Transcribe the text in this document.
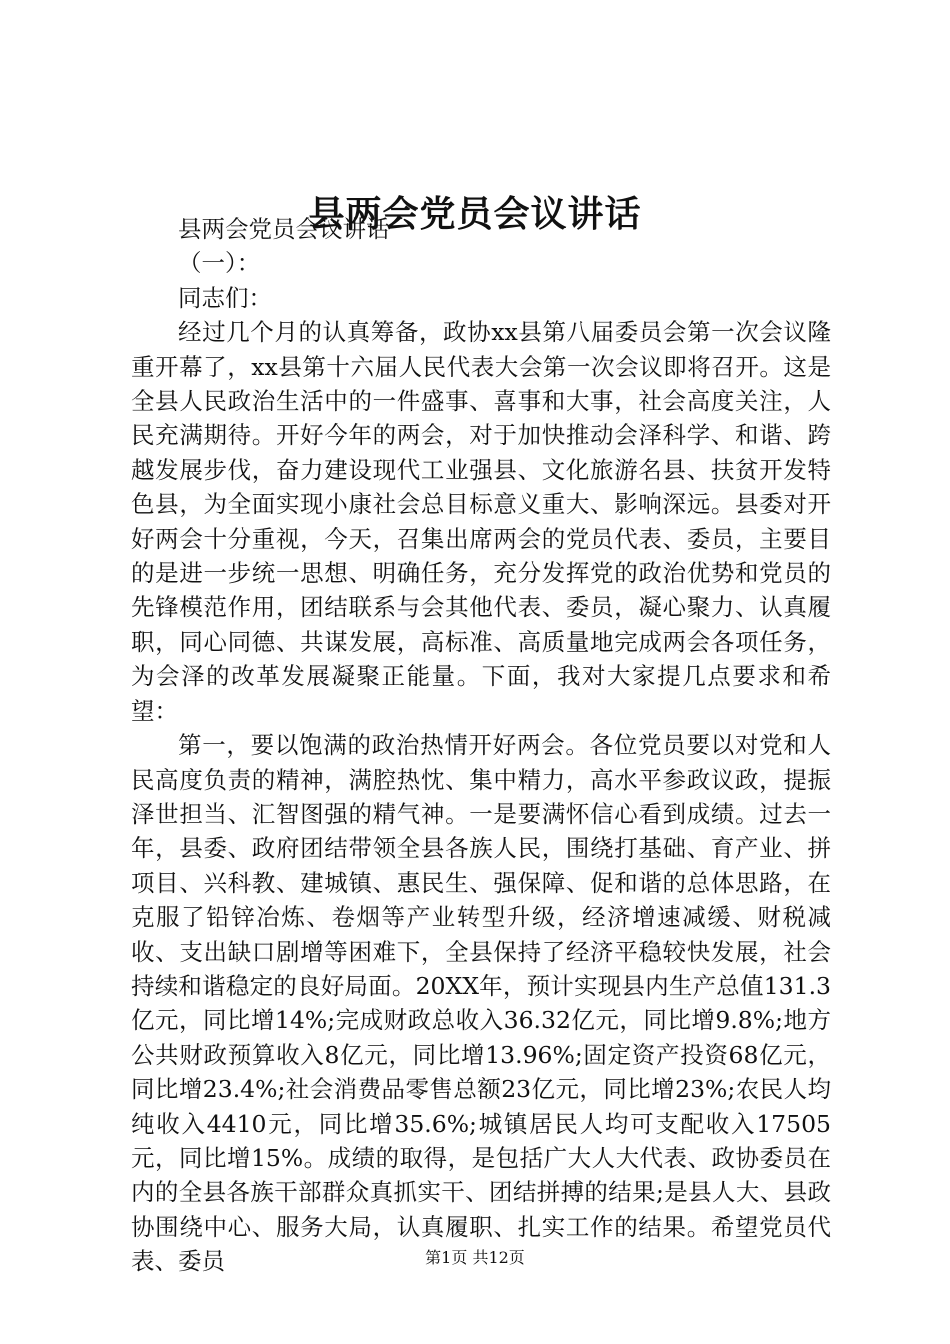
县两会党员会议讲话

县两会党员会议讲话

（一）：

同志们：

经过几个月的认真筹备，政协xx县第八届委员会第一次会议隆重开幕了，xx县第十六届人民代表大会第一次会议即将召开。这是全县人民政治生活中的一件盛事、喜事和大事，社会高度关注，人民充满期待。开好今年的两会，对于加快推动会泽科学、和谐、跨越发展步伐，奋力建设现代工业强县、文化旅游名县、扶贫开发特色县，为全面实现小康社会总目标意义重大、影响深远。县委对开好两会十分重视，今天，召集出席两会的党员代表、委员，主要目的是进一步统一思想、明确任务，充分发挥党的政治优势和党员的先锋模范作用，团结联系与会其他代表、委员，凝心聚力、认真履职，同心同德、共谋发展，高标准、高质量地完成两会各项任务，为会泽的改革发展凝聚正能量。下面，我对大家提几点要求和希望：

第一，要以饱满的政治热情开好两会。各位党员要以对党和人民高度负责的精神，满腔热忱、集中精力，高水平参政议政，提振泽世担当、汇智图强的精气神。一是要满怀信心看到成绩。过去一年，县委、政府团结带领全县各族人民，围绕打基础、育产业、拼项目、兴科教、建城镇、惠民生、强保障、促和谐的总体思路，在克服了铅锌冶炼、卷烟等产业转型升级，经济增速减缓、财税减收、支出缺口剧增等困难下，全县保持了经济平稳较快发展，社会持续和谐稳定的良好局面。20XX年，预计实现县内生产总值131.3亿元，同比增14%;完成财政总收入36.32亿元，同比增9.8%;地方公共财政预算收入8亿元，同比增13.96%;固定资产投资68亿元，同比增23.4%;社会消费品零售总额23亿元，同比增23%;农民人均纯收入4410元，同比增35.6%;城镇居民人均可支配收入17505元，同比增15%。成绩的取得，是包括广大人大代表、政协委员在内的全县各族干部群众真抓实干、团结拼搏的结果;是县人大、县政协围绕中心、服务大局，认真履职、扎实工作的结果。希望党员代表、委员	第1页 共12页
